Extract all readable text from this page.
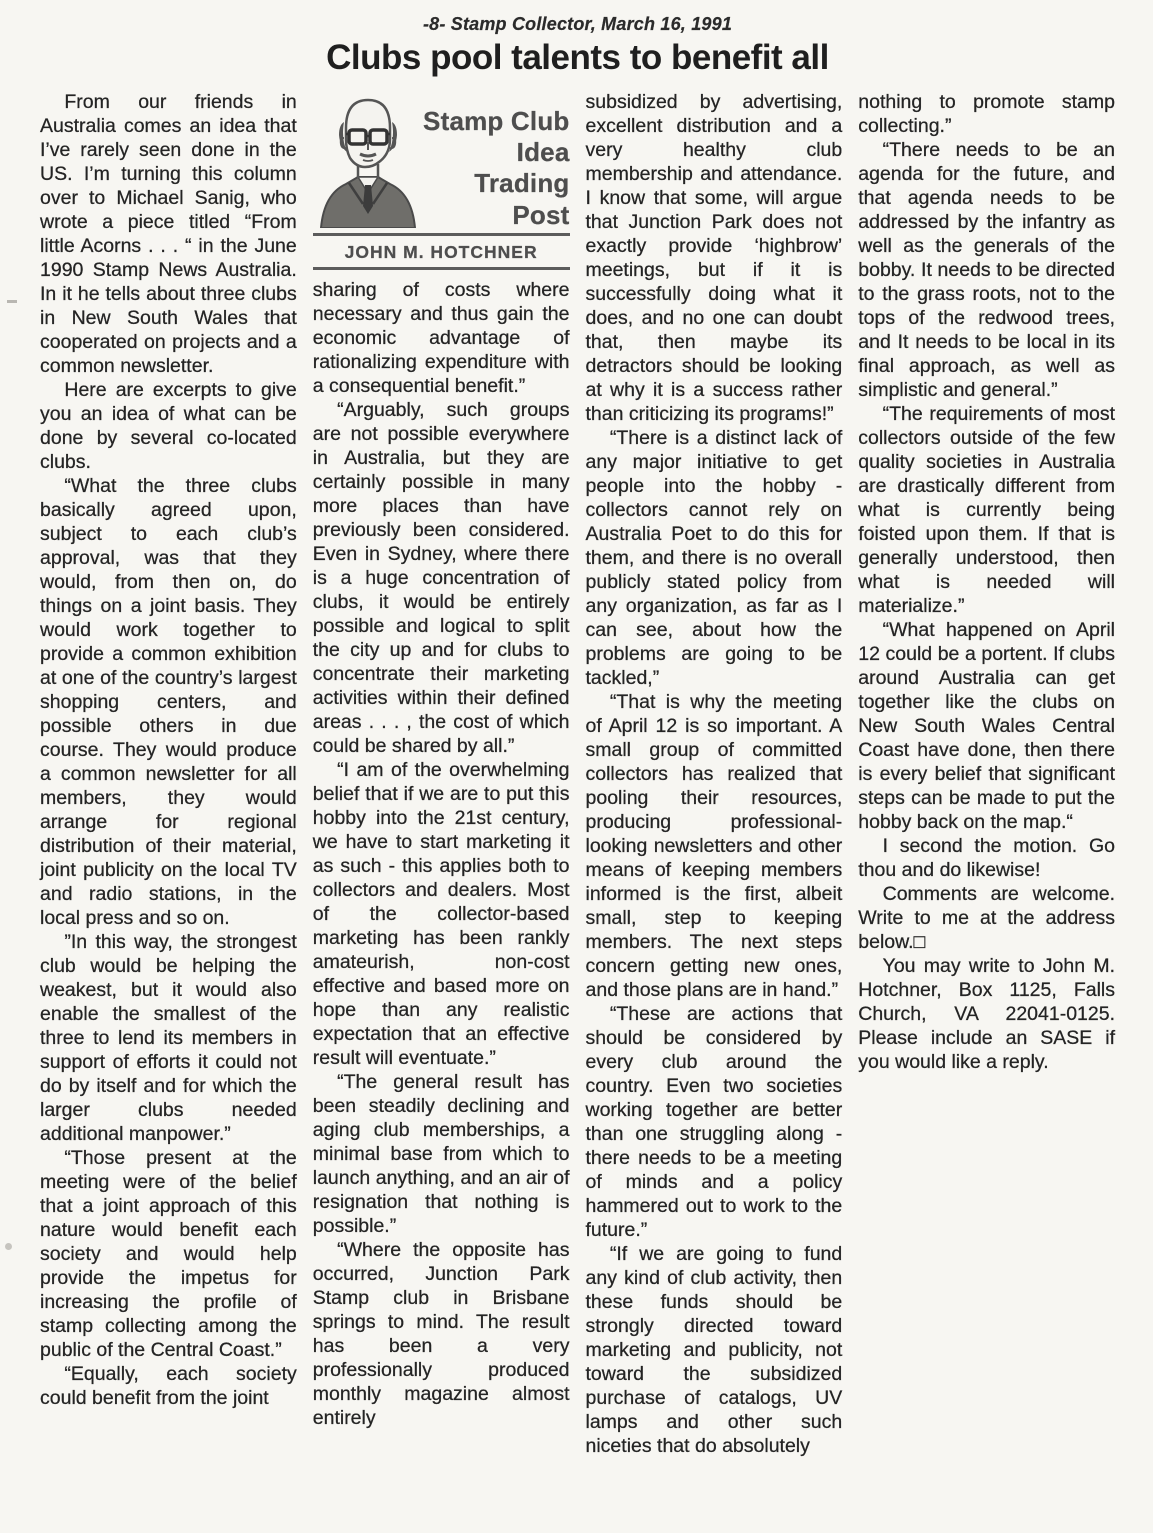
-8- Stamp Collector, March 16, 1991
Clubs pool talents to benefit all

From our friends in Australia comes an idea that I’ve rarely seen done in the US. I’m turning this column over to Michael Sanig, who wrote a piece titled “From little Acorns . . . “ in the June 1990 Stamp News Australia. In it he tells about three clubs in New South Wales that cooperated on projects and a common newsletter.

Here are excerpts to give you an idea of what can be done by several co-located clubs.

“What the three clubs basically agreed upon, subject to each club’s approval, was that they would, from then on, do things on a joint basis. They would work together to provide a common exhibition at one of the country’s largest shopping centers, and possible others in due course. They would produce a common newsletter for all members, they would arrange for regional distribution of their material, joint publicity on the local TV and radio stations, in the local press and so on.

”In this way, the strongest club would be helping the weakest, but it would also enable the smallest of the three to lend its members in support of efforts it could not do by itself and for which the larger clubs needed additional manpower.”

“Those present at the meeting were of the belief that a joint approach of this nature would benefit each society and would help provide the impetus for increasing the profile of stamp collecting among the public of the Central Coast.”

“Equally, each society could benefit from the joint

Stamp Club
Idea
Trading
Post
JOHN M. HOTCHNER

sharing of costs where necessary and thus gain the economic advantage of rationalizing expenditure with a consequential benefit.”

“Arguably, such groups are not possible everywhere in Australia, but they are certainly possible in many more places than have previously been considered. Even in Sydney, where there is a huge concentration of clubs, it would be entirely possible and logical to split the city up and for clubs to concentrate their marketing activities within their defined areas . . . , the cost of which could be shared by all.”

“I am of the overwhelming belief that if we are to put this hobby into the 21st century, we have to start marketing it as such - this applies both to collectors and dealers. Most of the collector-based marketing has been rankly amateurish, non-cost effective and based more on hope than any realistic expectation that an effective result will eventuate.”

“The general result has been steadily declining and aging club memberships, a minimal base from which to launch anything, and an air of resignation that nothing is possible.”

“Where the opposite has occurred, Junction Park Stamp club in Brisbane springs to mind. The result has been a very professionally produced monthly magazine almost entirely

subsidized by advertising, excellent distribution and a very healthy club membership and attendance. I know that some, will argue that Junction Park does not exactly provide ‘highbrow’ meetings, but if it is successfully doing what it does, and no one can doubt that, then maybe its detractors should be looking at why it is a success rather than criticizing its programs!”

“There is a distinct lack of any major initiative to get people into the hobby - collectors cannot rely on Australia Poet to do this for them, and there is no overall publicly stated policy from any organization, as far as I can see, about how the problems are going to be tackled,”

“That is why the meeting of April 12 is so important. A small group of committed collectors has realized that pooling their resources, producing professional-looking newsletters and other means of keeping members informed is the first, albeit small, step to keeping members. The next steps concern getting new ones, and those plans are in hand.”

“These are actions that should be considered by every club around the country. Even two societies working together are better than one struggling along - there needs to be a meeting of minds and a policy hammered out to work to the future.”

“If we are going to fund any kind of club activity, then these funds should be strongly directed toward marketing and publicity, not toward the subsidized purchase of catalogs, UV lamps and other such niceties that do absolutely

nothing to promote stamp collecting.”

“There needs to be an agenda for the future, and that agenda needs to be addressed by the infantry as well as the generals of the bobby. It needs to be directed to the grass roots, not to the tops of the redwood trees, and It needs to be local in its final approach, as well as simplistic and general.”

“The requirements of most collectors outside of the few quality societies in Australia are drastically different from what is currently being foisted upon them. If that is generally understood, then what is needed will materialize.”

“What happened on April 12 could be a portent. If clubs around Australia can get together like the clubs on New South Wales Central Coast have done, then there is every belief that significant steps can be made to put the hobby back on the map.“

I second the motion. Go thou and do likewise!

Comments are welcome. Write to me at the address below.□

You may write to John M. Hotchner, Box 1125, Falls Church, VA 22041-0125. Please include an SASE if you would like a reply.
